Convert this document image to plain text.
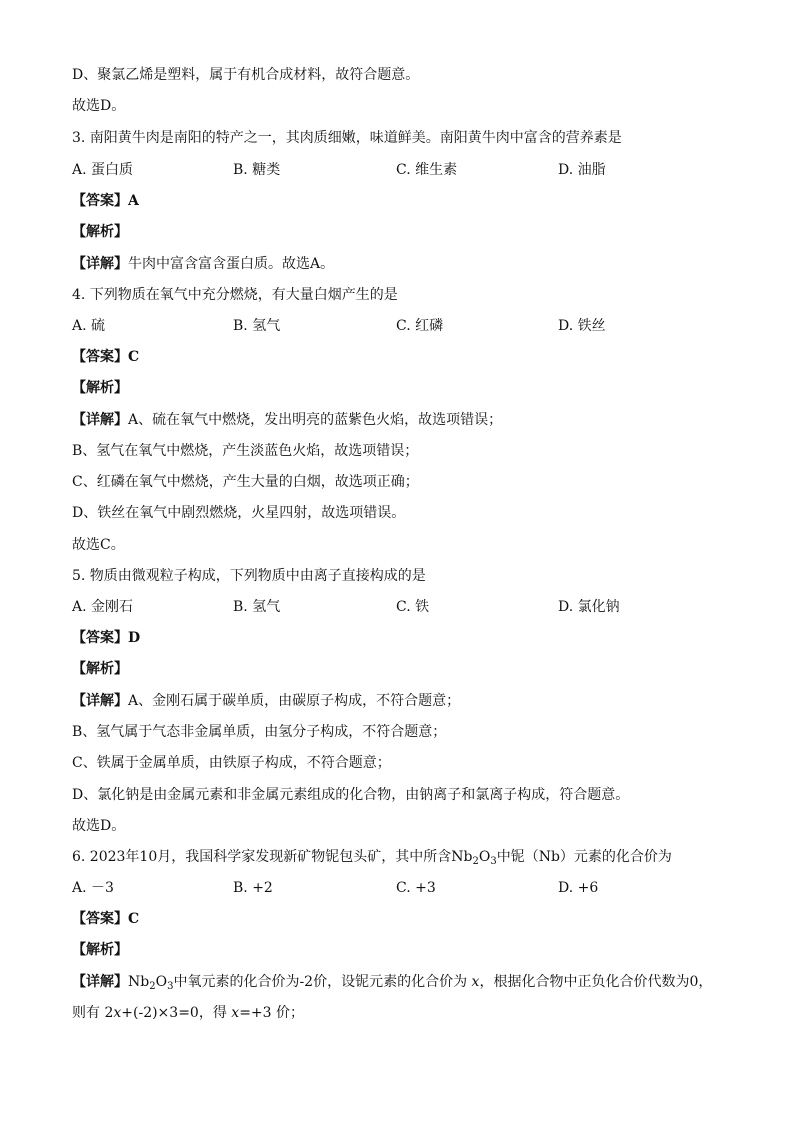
D、聚氯乙烯是塑料，属于有机合成材料，故符合题意。
故选D。
3. 南阳黄牛肉是南阳的特产之一，其肉质细嫩，味道鲜美。南阳黄牛肉中富含的营养素是
A. 蛋白质	B. 糖类	C. 维生素	D. 油脂
【答案】A
【解析】
【详解】牛肉中富含富含蛋白质。故选A。
4. 下列物质在氧气中充分燃烧，有大量白烟产生的是
A. 硫	B. 氢气	C. 红磷	D. 铁丝
【答案】C
【解析】
【详解】A、硫在氧气中燃烧，发出明亮的蓝紫色火焰，故选项错误；
B、氢气在氧气中燃烧，产生淡蓝色火焰，故选项错误；
C、红磷在氧气中燃烧，产生大量的白烟，故选项正确；
D、铁丝在氧气中剧烈燃烧，火星四射，故选项错误。
故选C。
5. 物质由微观粒子构成，下列物质中由离子直接构成的是
A. 金刚石	B. 氢气	C. 铁	D. 氯化钠
【答案】D
【解析】
【详解】A、金刚石属于碳单质，由碳原子构成，不符合题意；
B、氢气属于气态非金属单质，由氢分子构成，不符合题意；
C、铁属于金属单质，由铁原子构成，不符合题意；
D、氯化钠是由金属元素和非金属元素组成的化合物，由钠离子和氯离子构成，符合题意。
故选D。
6. 2023年10月，我国科学家发现新矿物铌包头矿，其中所含$Nb_2O_3$中铌（Nb）元素的化合价为
A. －3	B. +2	C. +3	D. +6
【答案】C
【解析】
【详解】$Nb_2O_3$中氧元素的化合价为-2价，设铌元素的化合价为 x，根据化合物中正负化合价代数为0，
则有 2x+(-2)×3=0，得 x=+3 价；
